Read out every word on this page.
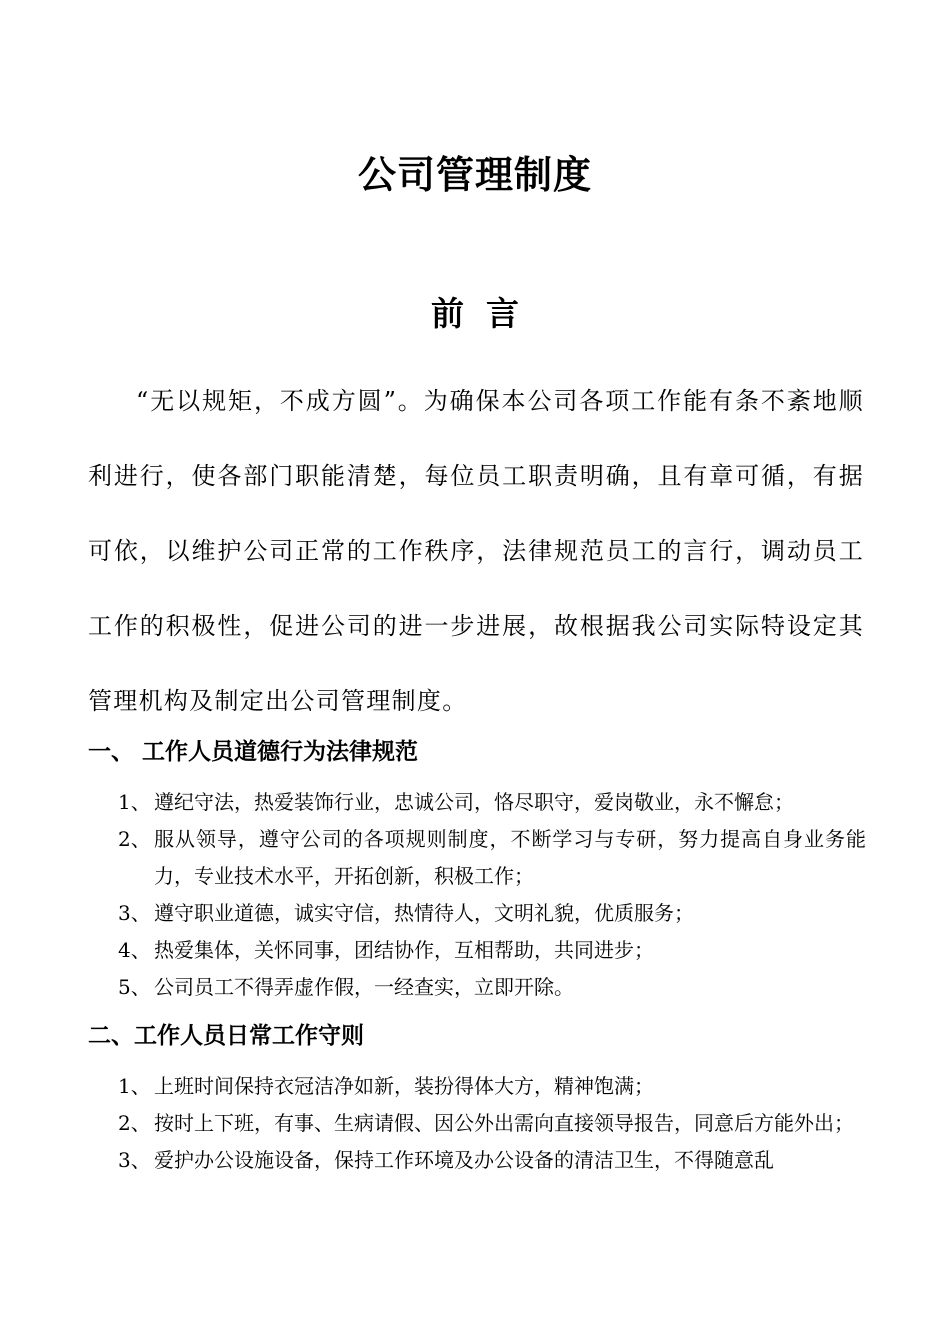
公司管理制度
前言

“无以规矩，不成方圆”。为确保本公司各项工作能有条不紊地顺利进行，使各部门职能清楚，每位员工职责明确，且有章可循，有据可依，以维护公司正常的工作秩序，法律规范员工的言行，调动员工工作的积极性，促进公司的进一步进展，故根据我公司实际特设定其管理机构及制定出公司管理制度。

一、 工作人员道德行为法律规范
1、 遵纪守法，热爱装饰行业，忠诚公司，恪尽职守，爱岗敬业，永不懈怠；
2、 服从领导，遵守公司的各项规则制度，不断学习与专研，努力提高自身业务能力，专业技术水平，开拓创新，积极工作；
3、 遵守职业道德，诚实守信，热情待人，文明礼貌，优质服务；
4、 热爱集体，关怀同事，团结协作，互相帮助，共同进步；
5、 公司员工不得弄虚作假，一经查实，立即开除。
二、工作人员日常工作守则
1、 上班时间保持衣冠洁净如新，装扮得体大方，精神饱满；
2、 按时上下班，有事、生病请假、因公外出需向直接领导报告，同意后方能外出；
3、 爱护办公设施设备，保持工作环境及办公设备的清洁卫生，不得随意乱
